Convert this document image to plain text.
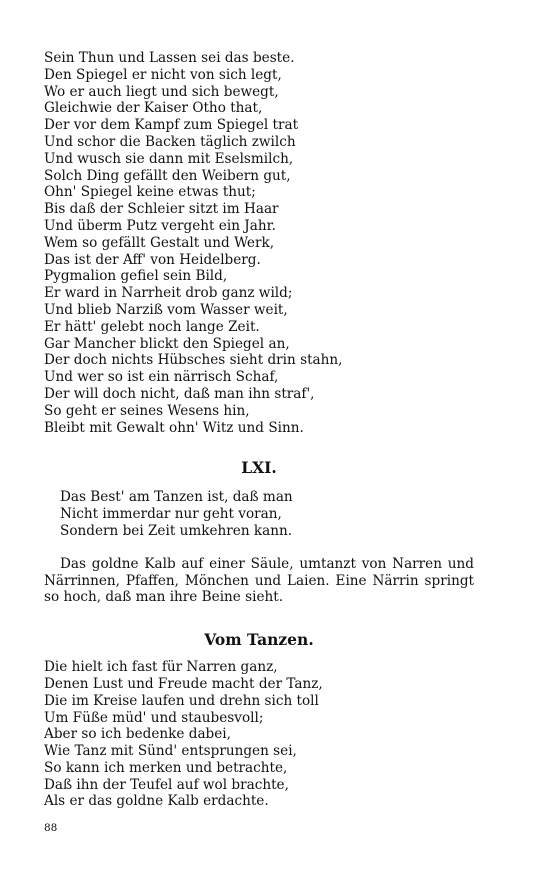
Sein Thun und Lassen sei das beste.
Den Spiegel er nicht von sich legt,
Wo er auch liegt und sich bewegt,
Gleichwie der Kaiser Otho that,
Der vor dem Kampf zum Spiegel trat
Und schor die Backen täglich zwilch
Und wusch sie dann mit Eselsmilch,
Solch Ding gefällt den Weibern gut,
Ohn' Spiegel keine etwas thut;
Bis daß der Schleier sitzt im Haar
Und überm Putz vergeht ein Jahr.
Wem so gefällt Gestalt und Werk,
Das ist der Aff' von Heidelberg.
Pygmalion gefiel sein Bild,
Er ward in Narrheit drob ganz wild;
Und blieb Narziß vom Wasser weit,
Er hätt' gelebt noch lange Zeit.
Gar Mancher blickt den Spiegel an,
Der doch nichts Hübsches sieht drin stahn,
Und wer so ist ein närrisch Schaf,
Der will doch nicht, daß man ihn straf',
So geht er seines Wesens hin,
Bleibt mit Gewalt ohn' Witz und Sinn.
LXI.
Das Best' am Tanzen ist, daß man
Nicht immerdar nur geht voran,
Sondern bei Zeit umkehren kann.

Das goldne Kalb auf einer Säule, umtanzt von Narren und Närrinnen, Pfaffen, Mönchen und Laien. Eine Närrin springt so hoch, daß man ihre Beine sieht.

Vom Tanzen.
Die hielt ich fast für Narren ganz,
Denen Lust und Freude macht der Tanz,
Die im Kreise laufen und drehn sich toll
Um Füße müd' und staubesvoll;
Aber so ich bedenke dabei,
Wie Tanz mit Sünd' entsprungen sei,
So kann ich merken und betrachte,
Daß ihn der Teufel auf wol brachte,
Als er das goldne Kalb erdachte.
88
